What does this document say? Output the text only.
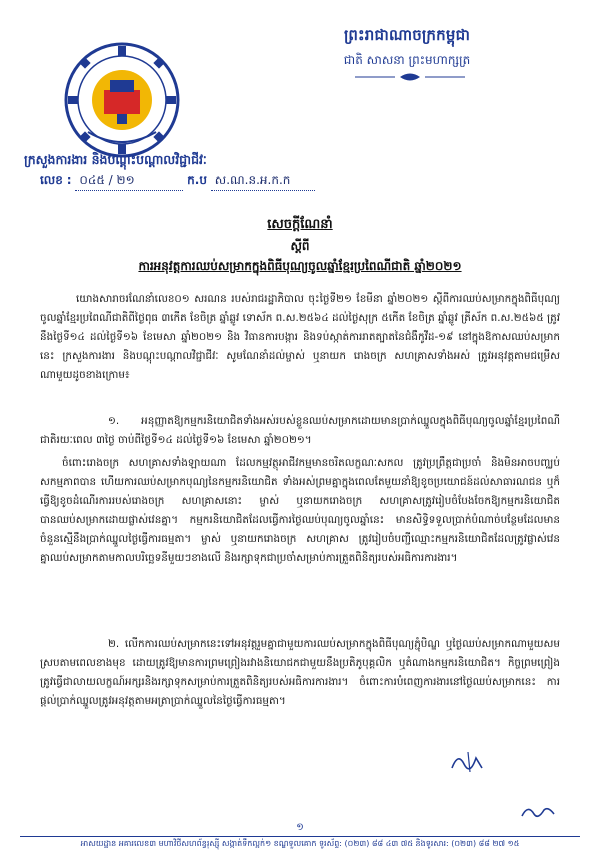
ព្រះរាជាណាចក្រកម្ពុជា
ជាតិ សាសនា ព្រះមហាក្សត្រ
ក្រសួងការងារ និងបណ្តុះបណ្តាលវិជ្ជាជីវៈ
លេខ : ០៤៥ / ២១	ក.ប ស.ណ.ន.អ.ក.ក
សេចក្តីណែនាំ
ស្តីពី
ការអនុវត្តការឈប់សម្រាកក្នុងពិធីបុណ្យចូលឆ្នាំខ្មែរប្រពៃណីជាតិ ឆ្នាំ២០២១
យោងសារាចរណែនាំលេខ០១ សរណន របស់រាជរដ្ឋាភិបាល ចុះថ្ងៃទី២១ ខែមីនា ឆ្នាំ២០២១ ស្តីពីការឈប់សម្រាកក្នុងពិធីបុណ្យចូលឆ្នាំខ្មែរប្រពៃណីជាតិពីថ្ងៃពុធ ៣កើត ខែចិត្រ ឆ្នាំឆ្លូវ ទោស័ក ព.ស.២៥៦៤ ដល់ថ្ងៃសុក្រ ៥កើត ខែចិត្រ ឆ្នាំឆ្លូវ ត្រីស័ក ព.ស.២៥៦៥ ត្រូវនឹងថ្ងៃទី១៤ ដល់ថ្ងៃទី១៦ ខែមេសា ឆ្នាំ២០២១ និង វិធានការបង្ការ និងទប់ស្កាត់ការរាតត្បាតនៃជំងឺកូវីដ-១៩ នៅក្នុងឱកាសឈប់សម្រាកនេះ ក្រសួងការងារ និងបណ្តុះបណ្តាលវិជ្ជាជីវៈ សូមណែនាំដល់ម្ចាស់ ឬនាយក រោងចក្រ សហគ្រាសទាំងអស់ ត្រូវអនុវត្តតាមជម្រើសណាមួយដូចខាងក្រោម៖
១. អនុញ្ញាតឱ្យកម្មករនិយោជិតទាំងអស់របស់ខ្លួនឈប់សម្រាកដោយមានប្រាក់ឈ្នួលក្នុងពិធីបុណ្យចូលឆ្នាំខ្មែរប្រពៃណីជាតិរយៈពេល ៣ថ្ងៃ ចាប់ពីថ្ងៃទី១៤ ដល់ថ្ងៃទី១៦ ខែមេសា ឆ្នាំ២០២១។
ចំពោះរោងចក្រ សហគ្រាសទាំងឡាយណា ដែលកម្មវត្ថុអាជីវកម្មមានចរិតលក្ខណៈសកល ត្រូវប្រព្រឹត្តជាប្រចាំ និងមិនអាចបញ្ឈប់សកម្មភាពបាន ហើយការឈប់សម្រាកបុណ្យនៃកម្មករនិយោជិត ទាំងអស់ព្រមគ្នាក្នុងពេលតែមួយនាំឱ្យខូចប្រយោជន៍ដល់សាធារណជន ឬក៏ធ្វើឱ្យខូចដំណើរការរបស់រោងចក្រ សហគ្រាសនោះ ម្ចាស់ ឬនាយករោងចក្រ សហគ្រាសត្រូវរៀបចំបែងចែកឱ្យកម្មករនិយោជិតបានឈប់សម្រាកដោយផ្លាស់វេនគ្នា។ កម្មករនិយោជិតដែលធ្វើការថ្ងៃឈប់បុណ្យចូលឆ្នាំនេះ មានសិទ្ធិទទួលប្រាក់បំណាច់បន្ថែមដែលមានចំនួនស្មើនឹងប្រាក់ឈ្នួលថ្ងៃធ្វើការធម្មតា។ ម្ចាស់ ឬនាយករោងចក្រ សហគ្រាស ត្រូវរៀបចំបញ្ជីឈ្មោះកម្មករនិយោជិតដែលត្រូវផ្លាស់វេនគ្នាឈប់សម្រាកតាមកាលបរិច្ឆេទនីមួយៗខាងលើ និងរក្សាទុកជាប្រចាំសម្រាប់ការត្រួតពិនិត្យរបស់អធិការការងារ។
២. លើកការឈប់សម្រាកនេះទៅអនុវត្តរួមគ្នាជាមួយការឈប់សម្រាកក្នុងពិធីបុណ្យភ្ជុំបិណ្ឌ ឬថ្ងៃឈប់សម្រាកណាមួយសមស្របតាមពេលខាងមុខ ដោយត្រូវឱ្យមានការព្រមព្រៀងរវាងនិយោជកជាមួយនឹងប្រតិភូបុគ្គលិក ឬតំណាងកម្មករនិយោជិត។ កិច្ចព្រមព្រៀងត្រូវធ្វើជាលាយលក្ខណ៍អក្សរនិងរក្សាទុកសម្រាប់ការត្រួតពិនិត្យរបស់អធិការការងារ។ ចំពោះការបំពេញការងារនៅថ្ងៃឈប់សម្រាកនេះ ការផ្តល់ប្រាក់ឈ្នួលត្រូវអនុវត្តតាមអត្រាប្រាក់ឈ្នួលនៃថ្ងៃធ្វើការធម្មតា។
១
អាសយដ្ឋាន អគារលេខ៣ មហាវិថីសហព័ន្ធរុស្ស៊ី សង្កាត់ទឹកល្អក់១ ខណ្ឌទួលគោក ទូរស័ព្ទ: (០២៣) ៨៨ ៤៣ ៧៥ និងទូរសារ: (០២៣) ៨៨ ២៧ ១៥
